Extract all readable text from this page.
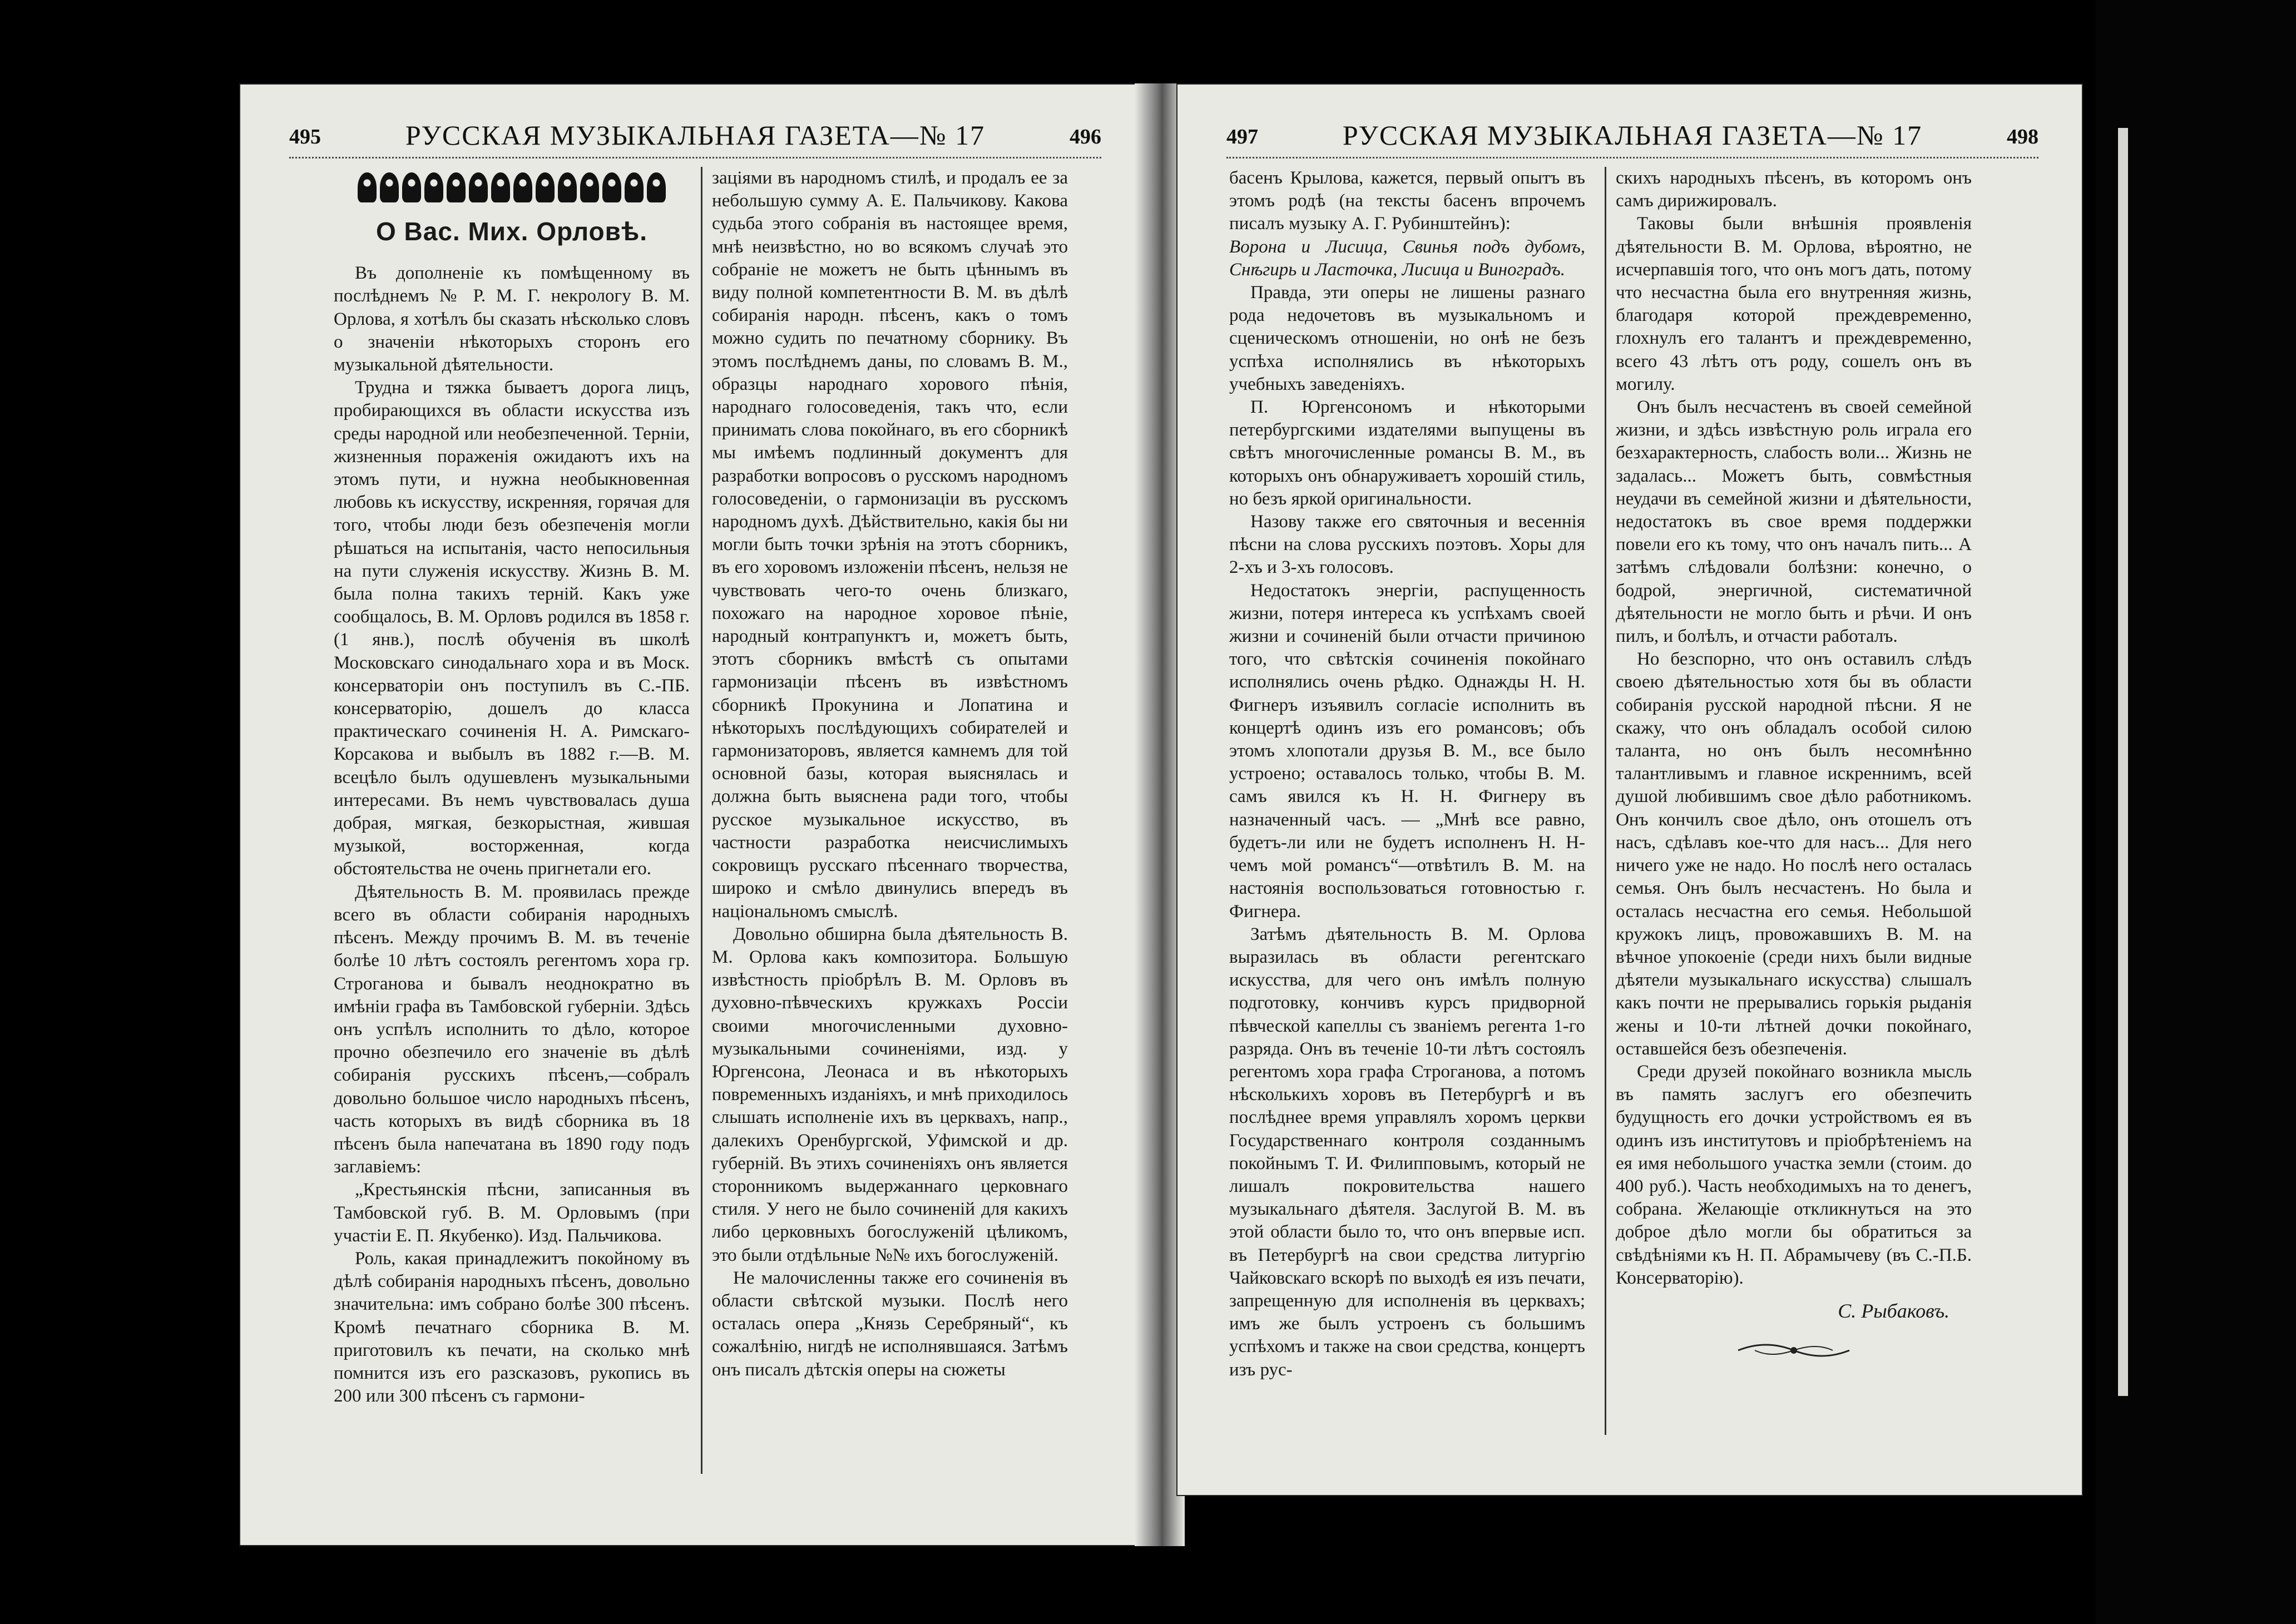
495	РУССКАЯ МУЗЫКАЛЬНАЯ ГАЗЕТА—№ 17	496
О Вас. Мих. Орловѣ.

Въ дополненіе къ помѣщенному въ послѣднемъ № Р. М. Г. некрологу В. М. Орлова, я хотѣлъ бы сказать нѣсколько словъ о значеніи нѣкоторыхъ сторонъ его музыкальной дѣятельности.

Трудна и тяжка бываетъ дорога лицъ, пробирающихся въ области искусства изъ среды народной или необезпеченной. Терніи, жизненныя пораженія ожидаютъ ихъ на этомъ пути, и нужна необыкновенная любовь къ искусству, искренняя, горячая для того, чтобы люди безъ обезпеченія могли рѣшаться на испытанія, часто непосильныя на пути служенія искусству. Жизнь В. М. была полна такихъ терній. Какъ уже сообщалось, В. М. Орловъ родился въ 1858 г. (1 янв.), послѣ обученія въ школѣ Московскаго синодальнаго хора и въ Моск. консерваторіи онъ поступилъ въ С.-ПБ. консерваторію, дошелъ до класса практическаго сочиненія Н. А. Римскаго-Корсакова и выбылъ въ 1882 г.—В. М. всецѣло былъ одушевленъ музыкальными интересами. Въ немъ чувствовалась душа добрая, мягкая, безкорыстная, жившая музыкой, восторженная, когда обстоятельства не очень пригнетали его.

Дѣятельность В. М. проявилась прежде всего въ области собиранія народныхъ пѣсенъ. Между прочимъ В. М. въ теченіе болѣе 10 лѣтъ состоялъ регентомъ хора гр. Строганова и бывалъ неоднократно въ имѣніи графа въ Тамбовской губерніи. Здѣсь онъ успѣлъ исполнить то дѣло, которое прочно обезпечило его значеніе въ дѣлѣ собиранія русскихъ пѣсенъ,—собралъ довольно большое число народныхъ пѣсенъ, часть которыхъ въ видѣ сборника въ 18 пѣсенъ была напечатана въ 1890 году подъ заглавіемъ:

„Крестьянскія пѣсни, записанныя въ Тамбовской губ. В. М. Орловымъ (при участіи Е. П. Якубенко). Изд. Пальчикова.

Роль, какая принадлежитъ покойному въ дѣлѣ собиранія народныхъ пѣсенъ, довольно значительна: имъ собрано болѣе 300 пѣсенъ. Кромѣ печатнаго сборника В. М. приготовилъ къ печати, на сколько мнѣ помнится изъ его разсказовъ, рукопись въ 200 или 300 пѣсенъ съ гармони-

заціями въ народномъ стилѣ, и продалъ ее за небольшую сумму А. Е. Пальчикову. Какова судьба этого собранія въ настоящее время, мнѣ неизвѣстно, но во всякомъ случаѣ это собраніе не можетъ не быть цѣннымъ въ виду полной компетентности В. М. въ дѣлѣ собиранія народн. пѣсенъ, какъ о томъ можно судить по печатному сборнику. Въ этомъ послѣднемъ даны, по словамъ В. М., образцы народнаго хорового пѣнія, народнаго голосоведенія, такъ что, если принимать слова покойнаго, въ его сборникѣ мы имѣемъ подлинный документъ для разработки вопросовъ о русскомъ народномъ голосоведеніи, о гармонизаціи въ русскомъ народномъ духѣ. Дѣйствительно, какія бы ни могли быть точки зрѣнія на этотъ сборникъ, въ его хоровомъ изложеніи пѣсенъ, нельзя не чувствовать чего-то очень близкаго, похожаго на народное хоровое пѣніе, народный контрапунктъ и, можетъ быть, этотъ сборникъ вмѣстѣ съ опытами гармонизаціи пѣсенъ въ извѣстномъ сборникѣ Прокунина и Лопатина и нѣкоторыхъ послѣдующихъ собирателей и гармонизаторовъ, является камнемъ для той основной базы, которая выяснялась и должна быть выяснена ради того, чтобы русское музыкальное искусство, въ частности разработка неисчислимыхъ сокровищъ русскаго пѣсеннаго творчества, широко и смѣло двинулись впередъ въ національномъ смыслѣ.

Довольно обширна была дѣятельность В. М. Орлова какъ композитора. Большую извѣстность пріобрѣлъ В. М. Орловъ въ духовно-пѣвческихъ кружкахъ Россіи своими многочисленными духовно-музыкальными сочиненіями, изд. у Юргенсона, Леонаса и въ нѣкоторыхъ повременныхъ изданіяхъ, и мнѣ приходилось слышать исполненіе ихъ въ церквахъ, напр., далекихъ Оренбургской, Уфимской и др. губерній. Въ этихъ сочиненіяхъ онъ является сторонникомъ выдержаннаго церковнаго стиля. У него не было сочиненій для какихъ либо церковныхъ богослуженій цѣликомъ, это были отдѣльные №№ ихъ богослуженій.

Не малочисленны также его сочиненія въ области свѣтской музыки. Послѣ него осталась опера „Князь Серебряный“, къ сожалѣнію, нигдѣ не исполнявшаяся. Затѣмъ онъ писалъ дѣтскія оперы на сюжеты

497	РУССКАЯ МУЗЫКАЛЬНАЯ ГАЗЕТА—№ 17	498

басенъ Крылова, кажется, первый опытъ въ этомъ родѣ (на тексты басенъ впрочемъ писалъ музыку А. Г. Рубинштейнъ):

Ворона и Лисица, Свинья подъ дубомъ, Снѣгирь и Ласточка, Лисица и Виноградъ.

Правда, эти оперы не лишены разнаго рода недочетовъ въ музыкальномъ и сценическомъ отношеніи, но онѣ не безъ успѣха исполнялись въ нѣкоторыхъ учебныхъ заведеніяхъ.

П. Юргенсономъ и нѣкоторыми петербургскими издателями выпущены въ свѣтъ многочисленные романсы В. М., въ которыхъ онъ обнаруживаетъ хорошій стиль, но безъ яркой оригинальности.

Назову также его святочныя и весеннія пѣсни на слова русскихъ поэтовъ. Хоры для 2-хъ и 3-хъ голосовъ.

Недостатокъ энергіи, распущенность жизни, потеря интереса къ успѣхамъ своей жизни и сочиненій были отчасти причиною того, что свѣтскія сочиненія покойнаго исполнялись очень рѣдко. Однажды Н. Н. Фигнеръ изъявилъ согласіе исполнить въ концертѣ одинъ изъ его романсовъ; объ этомъ хлопотали друзья В. М., все было устроено; оставалось только, чтобы В. М. самъ явился къ Н. Н. Фигнеру въ назначенный часъ. — „Мнѣ все равно, будетъ-ли или не будетъ исполненъ Н. Н-чемъ мой романсъ“—отвѣтилъ В. М. на настоянія воспользоваться готовностью г. Фигнера.

Затѣмъ дѣятельность В. М. Орлова выразилась въ области регентскаго искусства, для чего онъ имѣлъ полную подготовку, кончивъ курсъ придворной пѣвческой капеллы съ званіемъ регента 1-го разряда. Онъ въ теченіе 10-ти лѣтъ состоялъ регентомъ хора графа Строганова, а потомъ нѣсколькихъ хоровъ въ Петербургѣ и въ послѣднее время управлялъ хоромъ церкви Государственнаго контроля созданнымъ покойнымъ Т. И. Филипповымъ, который не лишалъ покровительства нашего музыкальнаго дѣятеля. Заслугой В. М. въ этой области было то, что онъ впервые исп. въ Петербургѣ на свои средства литургію Чайковскаго вскорѣ по выходѣ ея изъ печати, запрещенную для исполненія въ церквахъ; имъ же былъ устроенъ съ большимъ успѣхомъ и также на свои средства, концертъ изъ рус-

скихъ народныхъ пѣсенъ, въ которомъ онъ самъ дирижировалъ.

Таковы были внѣшнія проявленія дѣятельности В. М. Орлова, вѣроятно, не исчерпавшія того, что онъ могъ дать, потому что несчастна была его внутренняя жизнь, благодаря которой преждевременно, глохнулъ его талантъ и преждевременно, всего 43 лѣтъ отъ роду, сошелъ онъ въ могилу.

Онъ былъ несчастенъ въ своей семейной жизни, и здѣсь извѣстную роль играла его безхарактерность, слабость воли... Жизнь не задалась... Можетъ быть, совмѣстныя неудачи въ семейной жизни и дѣятельности, недостатокъ въ свое время поддержки повели его къ тому, что онъ началъ пить... А затѣмъ слѣдовали болѣзни: конечно, о бодрой, энергичной, систематичной дѣятельности не могло быть и рѣчи. И онъ пилъ, и болѣлъ, и отчасти работалъ.

Но безспорно, что онъ оставилъ слѣдъ своею дѣятельностью хотя бы въ области собиранія русской народной пѣсни. Я не скажу, что онъ обладалъ особой силою таланта, но онъ былъ несомнѣнно талантливымъ и главное искреннимъ, всей душой любившимъ свое дѣло работникомъ. Онъ кончилъ свое дѣло, онъ отошелъ отъ насъ, сдѣлавъ кое-что для насъ... Для него ничего уже не надо. Но послѣ него осталась семья. Онъ былъ несчастенъ. Но была и осталась несчастна его семья. Небольшой кружокъ лицъ, провожавшихъ В. М. на вѣчное упокоеніе (среди нихъ были видные дѣятели музыкальнаго искусства) слышалъ какъ почти не прерывались горькія рыданія жены и 10-ти лѣтней дочки покойнаго, оставшейся безъ обезпеченія.

Среди друзей покойнаго возникла мысль въ память заслугъ его обезпечить будущность его дочки устройствомъ ея въ одинъ изъ институтовъ и пріобрѣтеніемъ на ея имя небольшого участка земли (стоим. до 400 руб.). Часть необходимыхъ на то денегъ, собрана. Желающіе откликнуться на это доброе дѣло могли бы обратиться за свѣдѣніями къ Н. П. Абрамычеву (въ С.-П.Б. Консерваторію).

С. Рыбаковъ.
